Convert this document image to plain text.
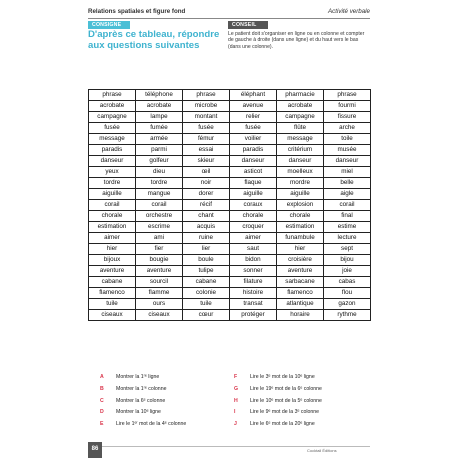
Relations spatiales et figure fond	Activité verbale
CONSIGNE
D'après ce tableau, répondre aux questions suivantes
CONSEIL
Le patient doit s'organiser en ligne ou en colonne et compter de gauche à droite (dans une ligne) et du haut vers le bas (dans une colonne).
phrase	téléphone	phrase	éléphant	pharmacie	phrase
acrobate	acrobate	microbe	avenue	acrobate	fourmi
campagne	lampe	montant	relier	campagne	fissure
fusée	fumée	fusée	fusée	flûte	arche
message	armée	fémur	voilier	message	toile
paradis	parmi	essai	paradis	critérium	musée
danseur	golfeur	skieur	danseur	danseur	danseur
yeux	dieu	œil	asticot	moelleux	miel
tordre	tordre	noir	flaque	mordre	belle
aiguille	mangue	dorer	aiguille	aiguille	aigle
corail	corail	récif	coraux	explosion	corail
chorale	orchestre	chant	chorale	chorale	final
estimation	escrime	acquis	croquer	estimation	estime
aimer	ami	ruine	aimer	funambule	lecture
hier	fier	lier	saut	hier	sept
bijoux	bougie	boule	bidon	croisière	bijou
aventure	aventure	tulipe	sonner	aventure	joie
cabane	sourcil	cabane	filature	sarbacane	cabas
flamenco	flamme	colonie	histoire	flamenco	flou
tuile	ours	tuile	transat	atlantique	gazon
ciseaux	ciseaux	cœur	protéger	horaire	rythme
A	Montrer la 1ʳᵉ ligne
B	Montrer la 1ʳᵉ colonne
C	Montrer la 6ᵉ colonne
D	Montrer la 10ᵉ ligne
E	Lire le 1ᵉʳ mot de la 4ᵉ colonne
F	Lire le 3ᵉ mot de la 10ᵉ ligne
G	Lire le 19ᵉ mot de la 6ᵉ colonne
H	Lire le 10ᵉ mot de la 5ᵉ colonne
I	Lire le 9ᵉ mot de la 3ᵉ colonne
J	Lire le 6ᵉ mot de la 20ᵉ ligne
86	Cocktail Éditions
